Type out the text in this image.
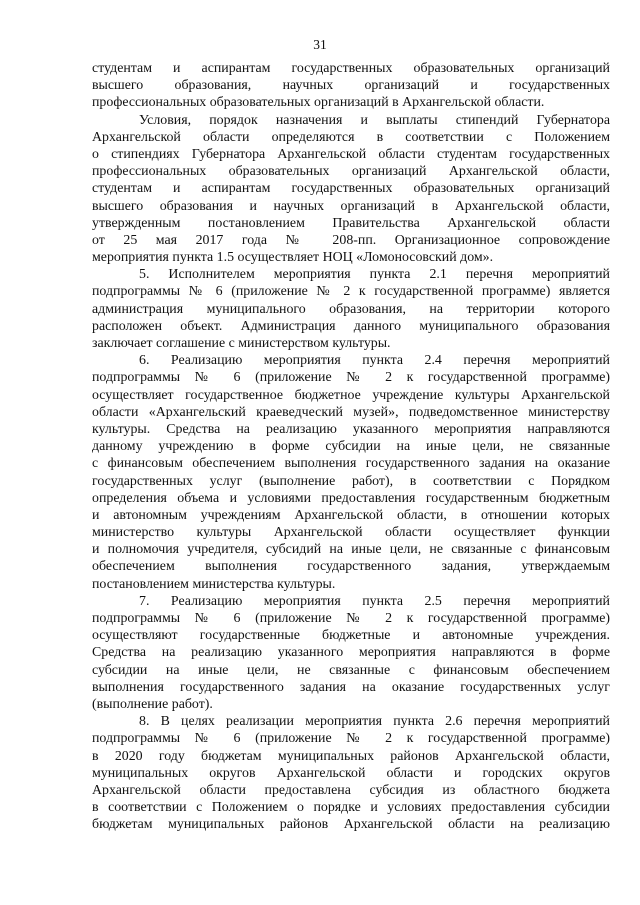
31
студентам и аспирантам государственных образовательных организаций
высшего образования, научных организаций и государственных
профессиональных образовательных организаций в Архангельской области.
Условия, порядок назначения и выплаты стипендий Губернатора
Архангельской области определяются в соответствии с Положением
о стипендиях Губернатора Архангельской области студентам государственных
профессиональных образовательных организаций Архангельской области,
студентам и аспирантам государственных образовательных организаций
высшего образования и научных организаций в Архангельской области,
утвержденным постановлением Правительства Архангельской области
от 25 мая 2017 года № 208-пп. Организационное сопровождение
мероприятия пункта 1.5 осуществляет НОЦ «Ломоносовский дом».
5. Исполнителем мероприятия пункта 2.1 перечня мероприятий
подпрограммы № 6 (приложение № 2 к государственной программе) является
администрация муниципального образования, на территории которого
расположен объект. Администрация данного муниципального образования
заключает соглашение с министерством культуры.
6. Реализацию мероприятия пункта 2.4 перечня мероприятий
подпрограммы № 6 (приложение № 2 к государственной программе)
осуществляет государственное бюджетное учреждение культуры Архангельской
области «Архангельский краеведческий музей», подведомственное министерству
культуры. Средства на реализацию указанного мероприятия направляются
данному учреждению в форме субсидии на иные цели, не связанные
с финансовым обеспечением выполнения государственного задания на оказание
государственных услуг (выполнение работ), в соответствии с Порядком
определения объема и условиями предоставления государственным бюджетным
и автономным учреждениям Архангельской области, в отношении которых
министерство культуры Архангельской области осуществляет функции
и полномочия учредителя, субсидий на иные цели, не связанные с финансовым
обеспечением выполнения государственного задания, утверждаемым
постановлением министерства культуры.
7. Реализацию мероприятия пункта 2.5 перечня мероприятий
подпрограммы № 6 (приложение № 2 к государственной программе)
осуществляют государственные бюджетные и автономные учреждения.
Средства на реализацию указанного мероприятия направляются в форме
субсидии на иные цели, не связанные с финансовым обеспечением
выполнения государственного задания на оказание государственных услуг
(выполнение работ).
8. В целях реализации мероприятия пункта 2.6 перечня мероприятий
подпрограммы № 6 (приложение № 2 к государственной программе)
в 2020 году бюджетам муниципальных районов Архангельской области,
муниципальных округов Архангельской области и городских округов
Архангельской области предоставлена субсидия из областного бюджета
в соответствии с Положением о порядке и условиях предоставления субсидии
бюджетам муниципальных районов Архангельской области на реализацию
